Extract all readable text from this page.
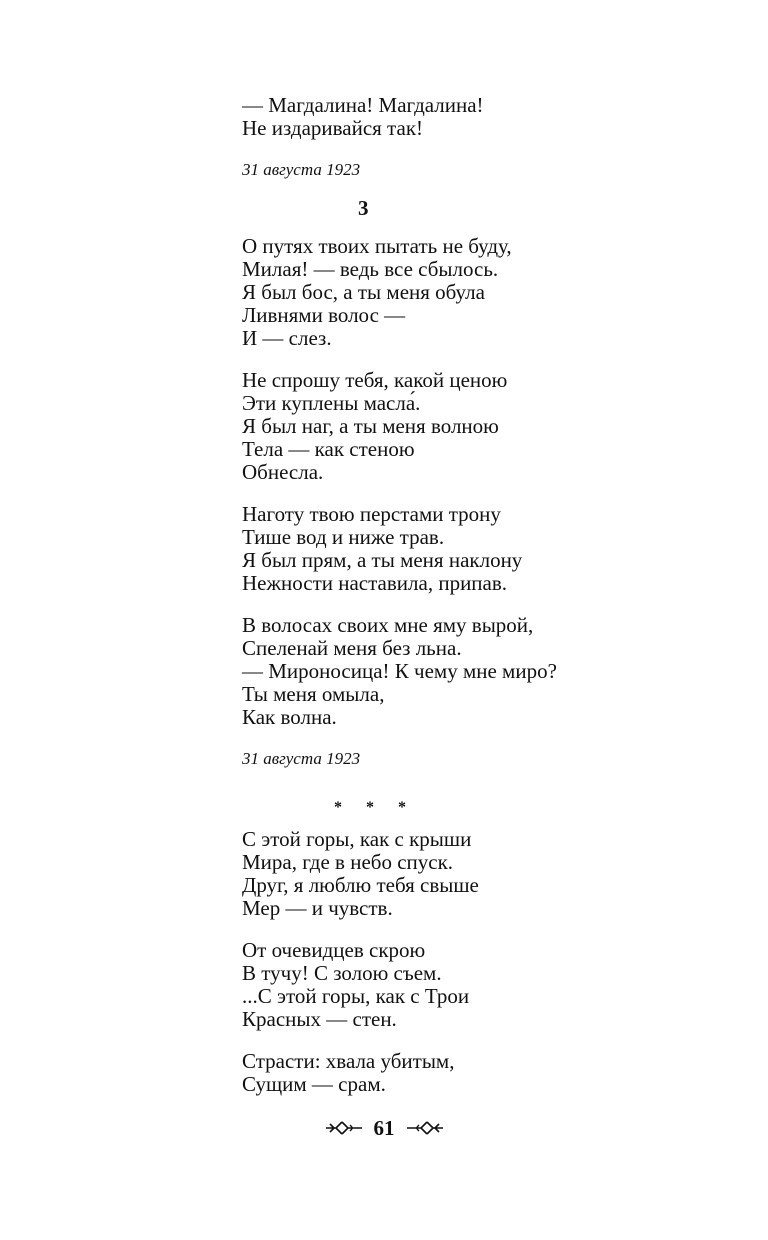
— Магдалина! Магдалина!
Не издаривайся так!
31 августа 1923
3
О путях твоих пытать не буду,
Милая! — ведь все сбылось.
Я был бос, а ты меня обула
Ливнями волос —
И — слез.
Не спрошу тебя, какой ценою
Эти куплены масла́.
Я был наг, а ты меня волною
Тела — как стеною
Обнесла.
Наготу твою перстами трону
Тише вод и ниже трав.
Я был прям, а ты меня наклону
Нежности наставила, припав.
В волосах своих мне яму вырой,
Спеленай меня без льна.
— Мироносица! К чему мне миро?
Ты меня омыла,
Как волна.
31 августа 1923
* * *
С этой горы, как с крыши
Мира, где в небо спуск.
Друг, я люблю тебя свыше
Мер — и чувств.
От очевидцев скрою
В тучу! С золою съем.
...С этой горы, как с Трои
Красных — стен.
Страсти: хвала убитым,
Сущим — срам.
61
